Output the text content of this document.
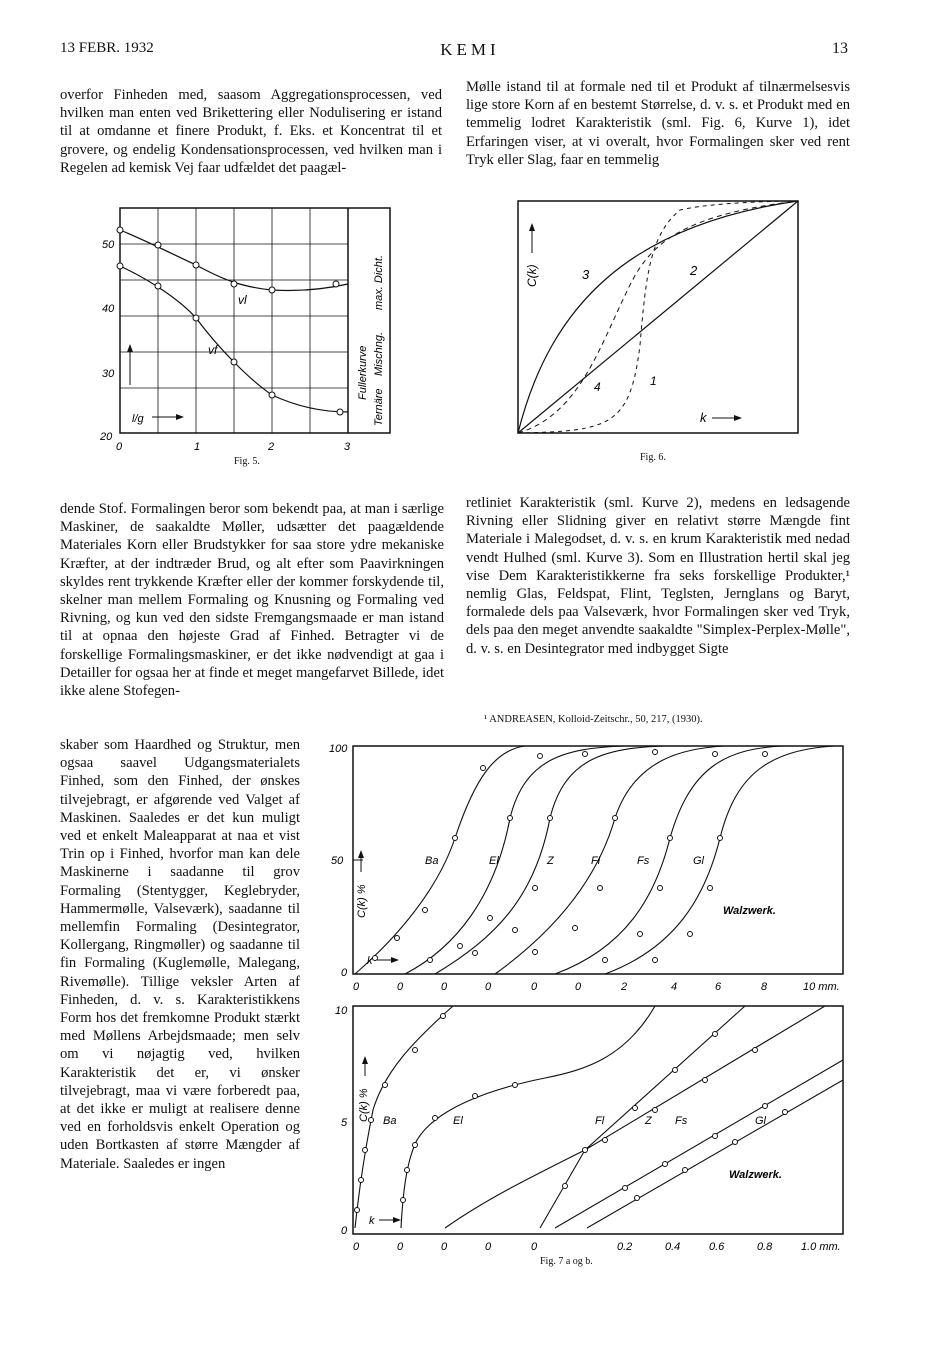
13 FEBR. 1932	KEMI	13

overfor Finheden med, saasom Aggregationsprocessen, ved hvilken man enten ved Brikettering eller Nodulisering er istand til at omdanne et finere Produkt, f. Eks. et Koncentrat til et grovere, og endelig Kondensationsprocessen, ved hvilken man i Regelen ad kemisk Vej faar udfældet det paagæl-

Mølle istand til at formale ned til et Produkt af tilnærmelsesvis lige store Korn af en bestemt Størrelse, d. v. s. et Produkt med en temmelig lodret Karakteristik (sml. Fig. 6, Kurve 1), idet Erfaringen viser, at vi overalt, hvor Formalingen sker ved rent Tryk eller Slag, faar en temmelig

50
40
30
20
0	1	2	3
vl
vf
l/g
Fullerkurve
Ternäre
Mischng.
max. Dicht.
Fig. 5.
3	2
4	1
C(k)
k
Fig. 6.

dende Stof. Formalingen beror som bekendt paa, at man i særlige Maskiner, de saakaldte Møller, udsætter det paagældende Materiales Korn eller Brudstykker for saa store ydre mekaniske Kræfter, at der indtræder Brud, og alt efter som Paavirkningen skyldes rent trykkende Kræfter eller der kommer forskydende til, skelner man mellem Formaling og Knusning og Formaling ved Rivning, og kun ved den sidste Fremgangsmaade er man istand til at opnaa den højeste Grad af Finhed. Betragter vi de forskellige Formalingsmaskiner, er det ikke nødvendigt at gaa i Detailler for ogsaa her at finde et meget mangefarvet Billede, idet ikke alene Stofegen-

retliniet Karakteristik (sml. Kurve 2), medens en ledsagende Rivning eller Slidning giver en relativt større Mængde fint Materiale i Malegodset, d. v. s. en krum Karakteristik med nedad vendt Hulhed (sml. Kurve 3). Som en Illustration hertil skal jeg vise Dem Karakteristikkerne fra seks forskellige Produkter,¹ nemlig Glas, Feldspat, Flint, Teglsten, Jernglans og Baryt, formalede dels paa Valseværk, hvor Formalingen sker ved Tryk, dels paa den meget anvendte saakaldte "Simplex-Perplex-Mølle", d. v. s. en Desintegrator med indbygget Sigte

¹ ANDREASEN, Kolloid-Zeitschr., 50, 217, (1930).

skaber som Haardhed og Struktur, men ogsaa saavel Udgangsmaterialets Finhed, som den Finhed, der ønskes tilvejebragt, er afgørende ved Valget af Maskinen. Saaledes er det kun muligt ved et enkelt Maleapparat at naa et vist Trin op i Finhed, hvorfor man kan dele Maskinerne i saadanne til grov Formaling (Stentygger, Keglebryder, Hammermølle, Valseværk), saadanne til mellemfin Formaling (Desintegrator, Kollergang, Ringmøller) og saadanne til fin Formaling (Kuglemølle, Malegang, Rivemølle). Tillige veksler Arten af Finheden, d. v. s. Karakteristikkens Form hos det fremkomne Produkt stærkt med Møllens Arbejdsmaade; men selv om vi nøjagtig ved, hvilken Karakteristik det er, vi ønsker tilvejebragt, maa vi være forberedt paa, at det ikke er muligt at realisere denne ved en forholdsvis enkelt Operation og uden Bortkasten af større Mængder af Materiale. Saaledes er ingen

100
50
0
Ba	El	Z	Fl	Fs	Gl
Walzwerk.
C(k) %
k
0	0	0	0	0	0	2	4	6	8	10 mm.
10
5
0
Ba	El	Fl	Z Fs	Gl
Walzwerk.
C(k) %
k
0	0	0	0	0	0.2	0.4	0.6	0.8	1.0 mm.
Fig. 7 a og b.
